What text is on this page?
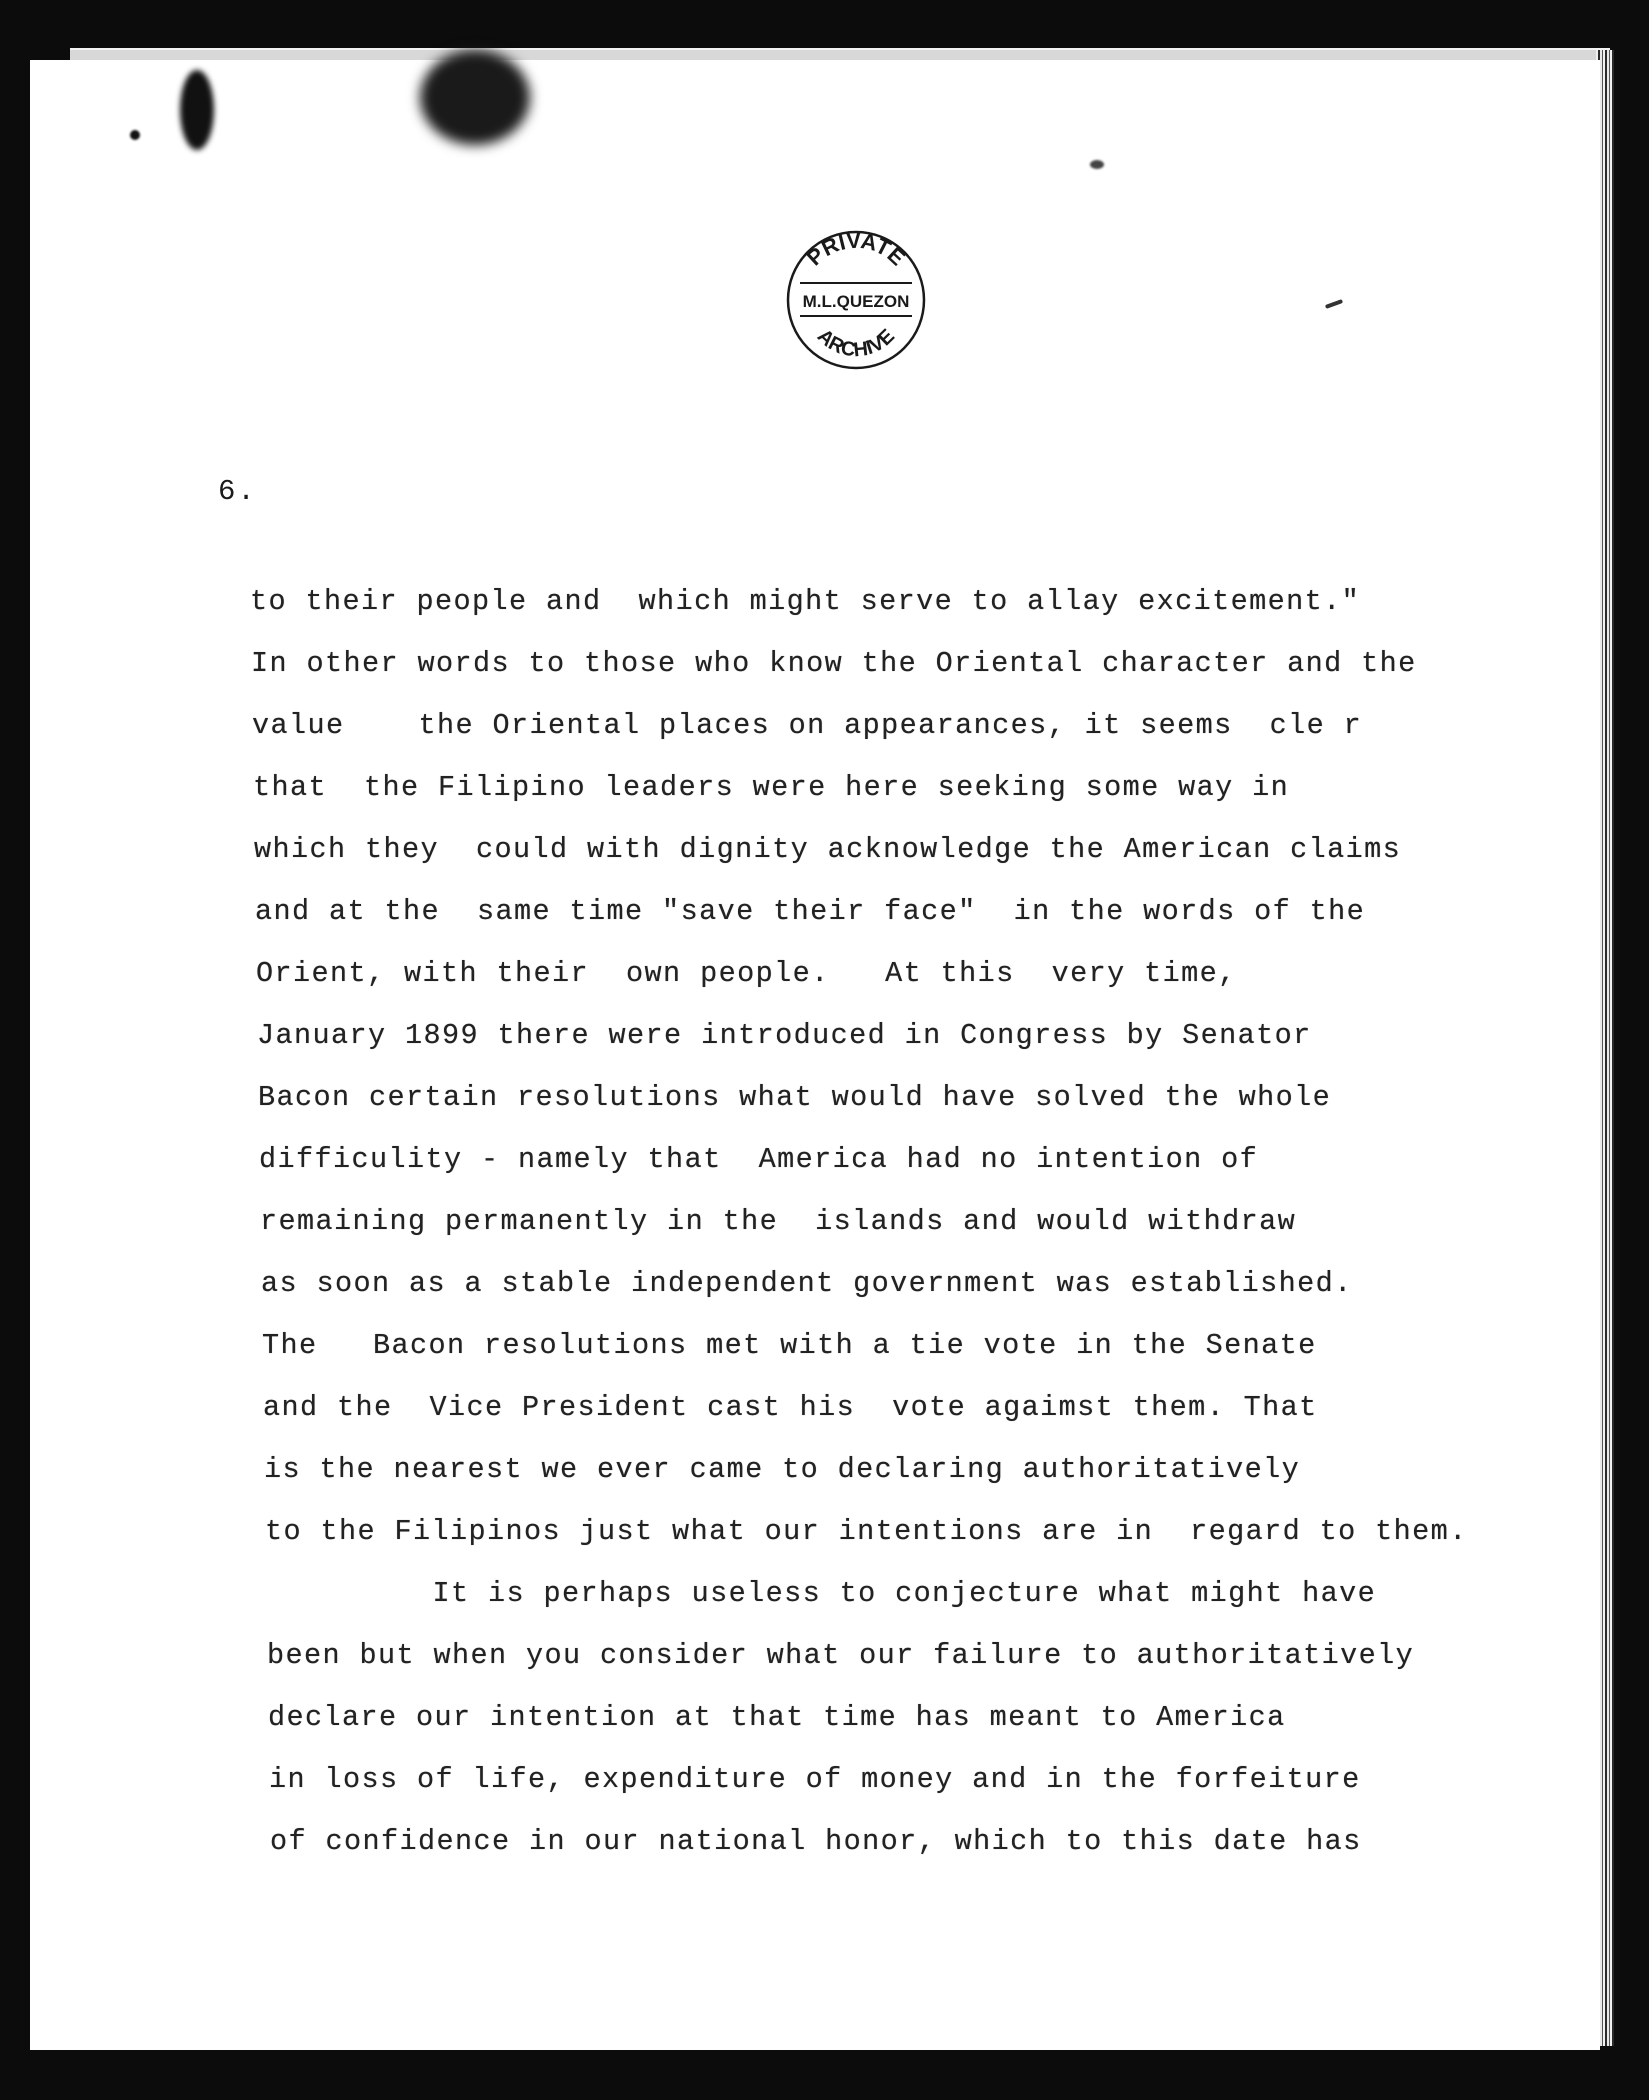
PRIVATE
M.L.QUEZON
ARCHIVE
6.
to their people and  which might serve to allay excitement."
In other words to those who know the Oriental character and the
value    the Oriental places on appearances, it seems  cle r
that  the Filipino leaders were here seeking some way in
which they  could with dignity acknowledge the American claims
and at the  same time "save their face"  in the words of the
Orient, with their  own people.   At this  very time,
January 1899 there were introduced in Congress by Senator
Bacon certain resolutions what would have solved the whole
difficulity - namely that  America had no intention of
remaining permanently in the  islands and would withdraw
as soon as a stable independent government was established.
The   Bacon resolutions met with a tie vote in the Senate
and the  Vice President cast his  vote agaimst them. That
is the nearest we ever came to declaring authoritatively
to the Filipinos just what our intentions are in  regard to them.
It is perhaps useless to conjecture what might have
been but when you consider what our failure to authoritatively
declare our intention at that time has meant to America
in loss of life, expenditure of money and in the forfeiture
of confidence in our national honor, which to this date has
